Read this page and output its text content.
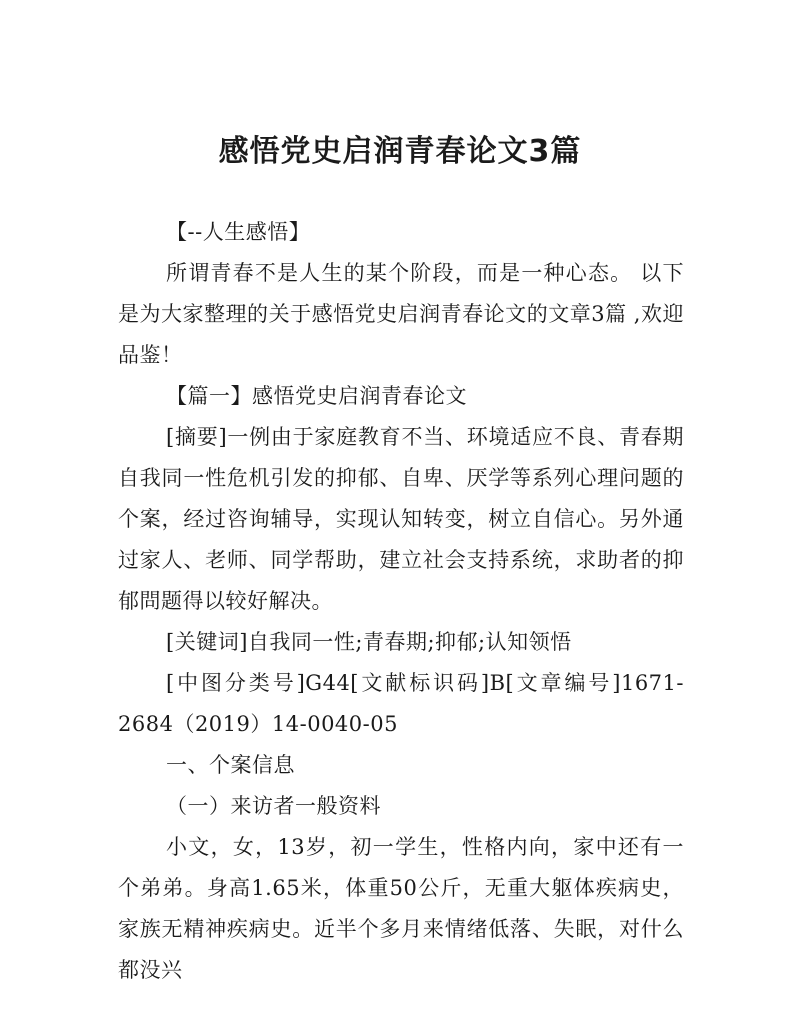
感悟党史启润青春论文3篇

【--人生感悟】

所谓青春不是人生的某个阶段，而是一种心态。 以下是为大家整理的关于感悟党史启润青春论文的文章3篇 ,欢迎品鉴！

【篇一】感悟党史启润青春论文

[摘要]一例由于家庭教育不当、环境适应不良、青春期自我同一性危机引发的抑郁、自卑、厌学等系列心理问题的个案，经过咨询辅导，实现认知转变，树立自信心。另外通过家人、老师、同学帮助，建立社会支持系统，求助者的抑郁問题得以较好解决。

[关键词]自我同一性;青春期;抑郁;认知领悟

[中图分类号]G44[文献标识码]B[文章编号]1671-2684（2019）14-0040-05

一、个案信息

（一）来访者一般资料

小文，女，13岁，初一学生，性格内向，家中还有一个弟弟。身高1.65米，体重50公斤，无重大躯体疾病史，家族无精神疾病史。近半个多月来情绪低落、失眠，对什么都没兴
